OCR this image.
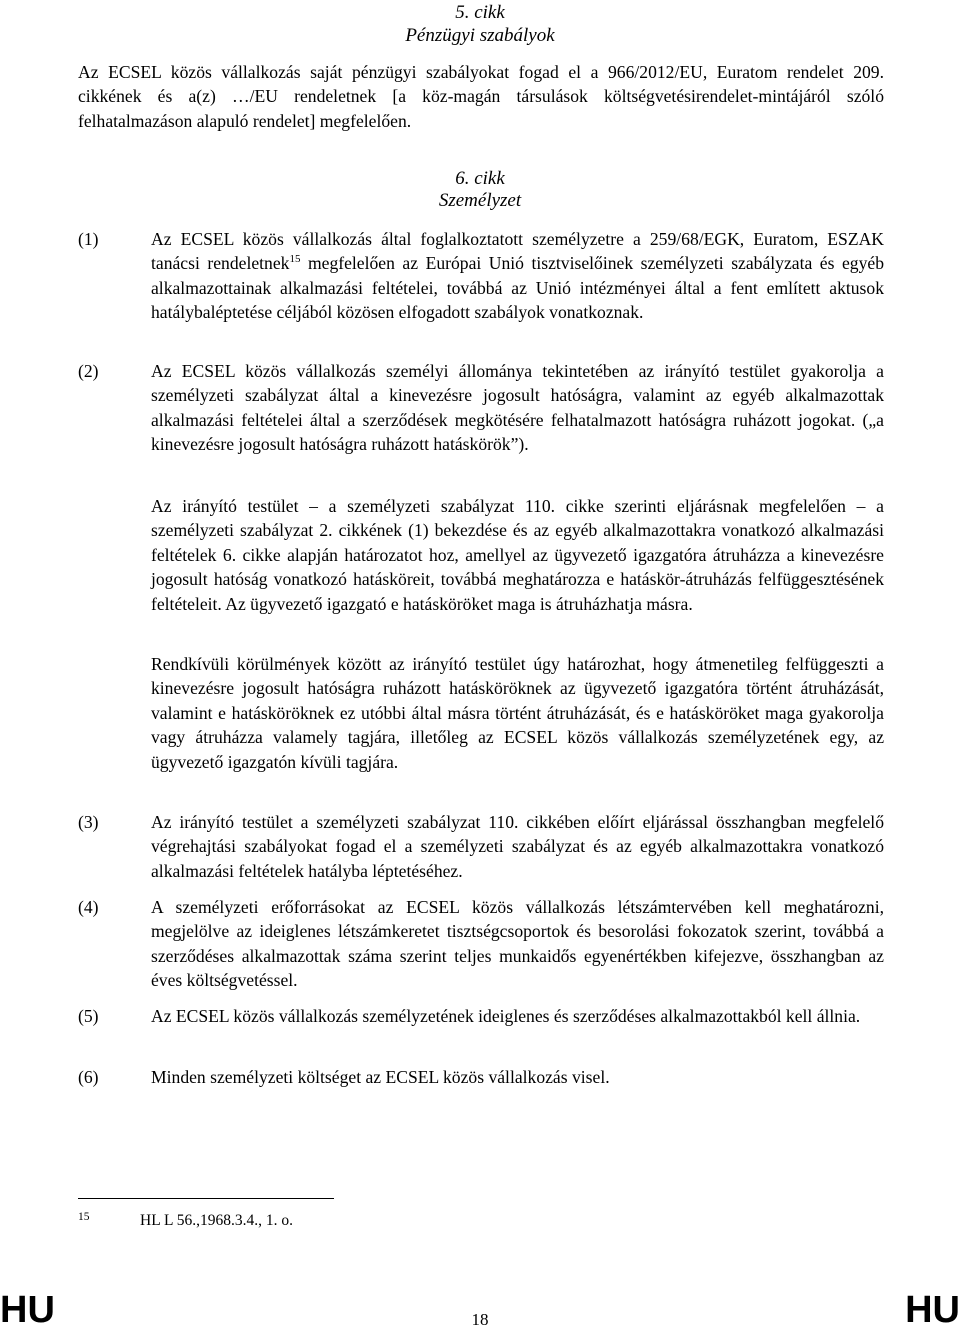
5. cikk
Pénzügyi szabályok
Az ECSEL közös vállalkozás saját pénzügyi szabályokat fogad el a 966/2012/EU, Euratom rendelet 209. cikkének és a(z) …/EU rendeletnek [a köz-magán társulások költségvetésirendelet-mintájáról szóló felhatalmazáson alapuló rendelet] megfelelően.
6. cikk
Személyzet
(1)	Az ECSEL közös vállalkozás által foglalkoztatott személyzetre a 259/68/EGK, Euratom, ESZAK tanácsi rendeletnek$^{15}$ megfelelően az Európai Unió tisztviselőinek személyzeti szabályzata és egyéb alkalmazottainak alkalmazási feltételei, továbbá az Unió intézményei által a fent említett aktusok hatálybaléptetése céljából közösen elfogadott szabályok vonatkoznak.
(2)	Az ECSEL közös vállalkozás személyi állománya tekintetében az irányító testület gyakorolja a személyzeti szabályzat által a kinevezésre jogosult hatóságra, valamint az egyéb alkalmazottak alkalmazási feltételei által a szerződések megkötésére felhatalmazott hatóságra ruházott jogokat. („a kinevezésre jogosult hatóságra ruházott hatáskörök”).
Az irányító testület – a személyzeti szabályzat 110. cikke szerinti eljárásnak megfelelően – a személyzeti szabályzat 2. cikkének (1) bekezdése és az egyéb alkalmazottakra vonatkozó alkalmazási feltételek 6. cikke alapján határozatot hoz, amellyel az ügyvezető igazgatóra átruházza a kinevezésre jogosult hatóság vonatkozó hatásköreit, továbbá meghatározza e hatáskör-átruházás felfüggesztésének feltételeit. Az ügyvezető igazgató e hatásköröket maga is átruházhatja másra.
Rendkívüli körülmények között az irányító testület úgy határozhat, hogy átmenetileg felfüggeszti a kinevezésre jogosult hatóságra ruházott hatásköröknek az ügyvezető igazgatóra történt átruházását, valamint e hatásköröknek ez utóbbi által másra történt átruházását, és e hatásköröket maga gyakorolja vagy átruházza valamely tagjára, illetőleg az ECSEL közös vállalkozás személyzetének egy, az ügyvezető igazgatón kívüli tagjára.
(3)	Az irányító testület a személyzeti szabályzat 110. cikkében előírt eljárással összhangban megfelelő végrehajtási szabályokat fogad el a személyzeti szabályzat és az egyéb alkalmazottakra vonatkozó alkalmazási feltételek hatályba léptetéséhez.
(4)	A személyzeti erőforrásokat az ECSEL közös vállalkozás létszámtervében kell meghatározni, megjelölve az ideiglenes létszámkeretet tisztségcsoportok és besorolási fokozatok szerint, továbbá a szerződéses alkalmazottak száma szerint teljes munkaidős egyenértékben kifejezve, összhangban az éves költségvetéssel.
(5)	Az ECSEL közös vállalkozás személyzetének ideiglenes és szerződéses alkalmazottakból kell állnia.
(6)	Minden személyzeti költséget az ECSEL közös vállalkozás visel.
15	HL L 56.,1968.3.4., 1. o.
HU	18	HU
